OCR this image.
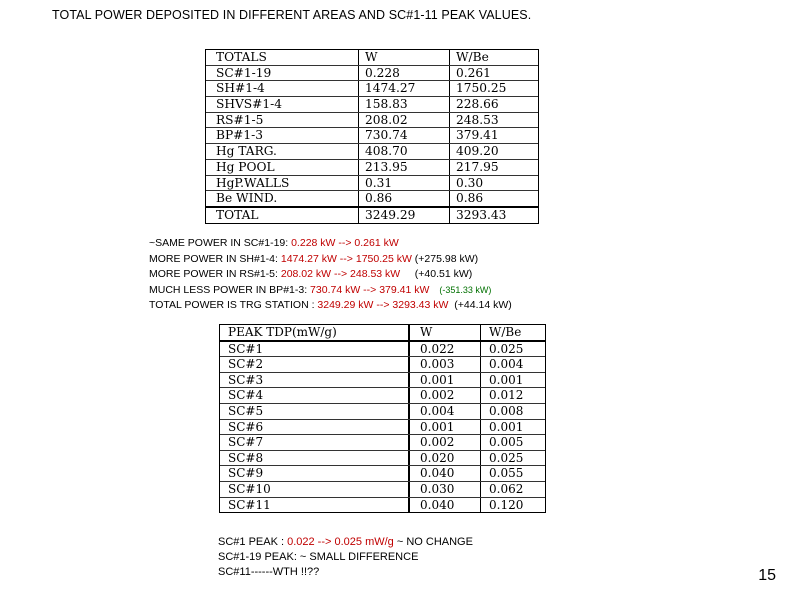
TOTAL POWER DEPOSITED IN DIFFERENT AREAS AND SC#1-11 PEAK VALUES.
TOTALS	W	W/Be
SC#1-19	0.228	0.261
SH#1-4	1474.27	1750.25
SHVS#1-4	158.83	228.66
RS#1-5	208.02	248.53
BP#1-3	730.74	379.41
Hg TARG.	408.70	409.20
Hg POOL	213.95	217.95
HgP.WALLS	0.31	0.30
Be WIND.	0.86	0.86
TOTAL	3249.29	3293.43
~SAME POWER IN SC#1-19: 0.228 kW --> 0.261 kW
MORE POWER IN SH#1-4: 1474.27 kW --> 1750.25 kW (+275.98 kW)
MORE POWER IN RS#1-5: 208.02 kW --> 248.53 kW     (+40.51 kW)
MUCH LESS POWER IN BP#1-3: 730.74 kW --> 379.41 kW    (-351.33 kW)
TOTAL POWER IS TRG STATION : 3249.29 kW --> 3293.43 kW  (+44.14 kW)
PEAK TDP(mW/g)	W	W/Be
SC#1	0.022	0.025
SC#2	0.003	0.004
SC#3	0.001	0.001
SC#4	0.002	0.012
SC#5	0.004	0.008
SC#6	0.001	0.001
SC#7	0.002	0.005
SC#8	0.020	0.025
SC#9	0.040	0.055
SC#10	0.030	0.062
SC#11	0.040	0.120
SC#1 PEAK : 0.022 --> 0.025 mW/g ~ NO CHANGE
SC#1-19 PEAK: ~ SMALL DIFFERENCE
SC#11------WTH !!??	15
